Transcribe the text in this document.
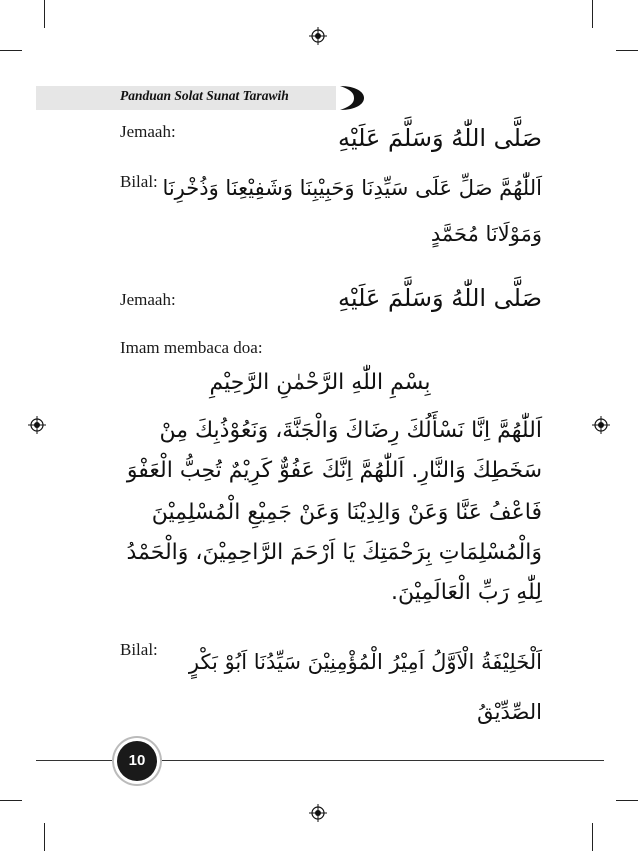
Panduan Solat Sunat Tarawih
Jemaah:	صَلَّى اللّٰهُ وَسَلَّمَ عَلَيْهِ
Bilal: اَللّٰهُمَّ صَلِّ عَلَى سَيِّدِنَا وَحَبِيْبِنَا وَشَفِيْعِنَا وَذُخْرِنَا
وَمَوْلَانَا مُحَمَّدٍ
Jemaah:	صَلَّى اللّٰهُ وَسَلَّمَ عَلَيْهِ
Imam membaca doa:
بِسْمِ اللّٰهِ الرَّحْمٰنِ الرَّحِيْمِ
اَللّٰهُمَّ اِنَّا نَسْأَلُكَ رِضَاكَ وَالْجَنَّةَ، وَنَعُوْذُبِكَ مِنْ
سَخَطِكَ وَالنَّارِ. اَللّٰهُمَّ اِنَّكَ عَفُوٌّ كَرِيْمٌ تُحِبُّ الْعَفْوَ
فَاعْفُ عَنَّا وَعَنْ وَالِدِيْنَا وَعَنْ جَمِيْعِ الْمُسْلِمِيْنَ
وَالْمُسْلِمَاتِ بِرَحْمَتِكَ يَا اَرْحَمَ الرَّاحِمِيْنَ، وَالْحَمْدُ
لِلّٰهِ رَبِّ الْعَالَمِيْنَ.
Bilal:
اَلْخَلِيْفَةُ الْاَوَّلُ اَمِيْرُ الْمُؤْمِنِيْنَ سَيِّدُنَا اَبُوْ بَكْرٍ
الصِّدِّيْقُ
10
